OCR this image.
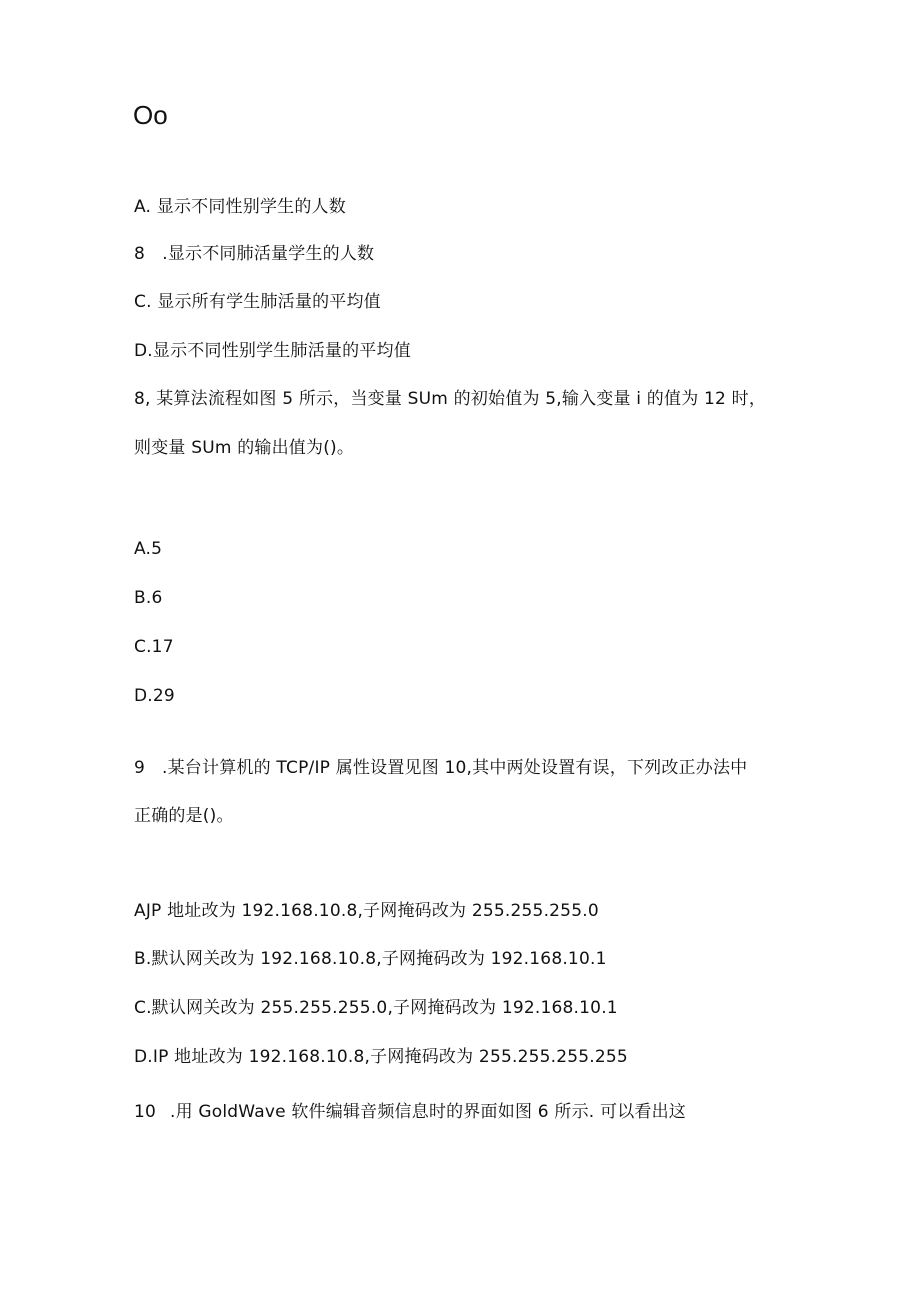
Oo
A. 显示不同性别学生的人数
8　.显示不同肺活量学生的人数
C. 显示所有学生肺活量的平均值
D.显示不同性别学生肺活量的平均值
8, 某算法流程如图 5 所示，当变量 SUm 的初始值为 5,输入变量 i 的值为 12 时，
则变量 SUm 的输出值为()。
A.5
B.6
C.17
D.29
9 .某台计算机的 TCP/IP 属性设置见图 10,其中两处设置有误，下列改正办法中
正确的是()。
AJP 地址改为 192.168.10.8,子网掩码改为 255.255.255.0
B.默认网关改为 192.168.10.8,子网掩码改为 192.168.10.1
C.默认网关改为 255.255.255.0,子网掩码改为 192.168.10.1
D.IP 地址改为 192.168.10.8,子网掩码改为 255.255.255.255
10 .用 GoldWave 软件编辑音频信息时的界面如图 6 所示. 可以看出这
